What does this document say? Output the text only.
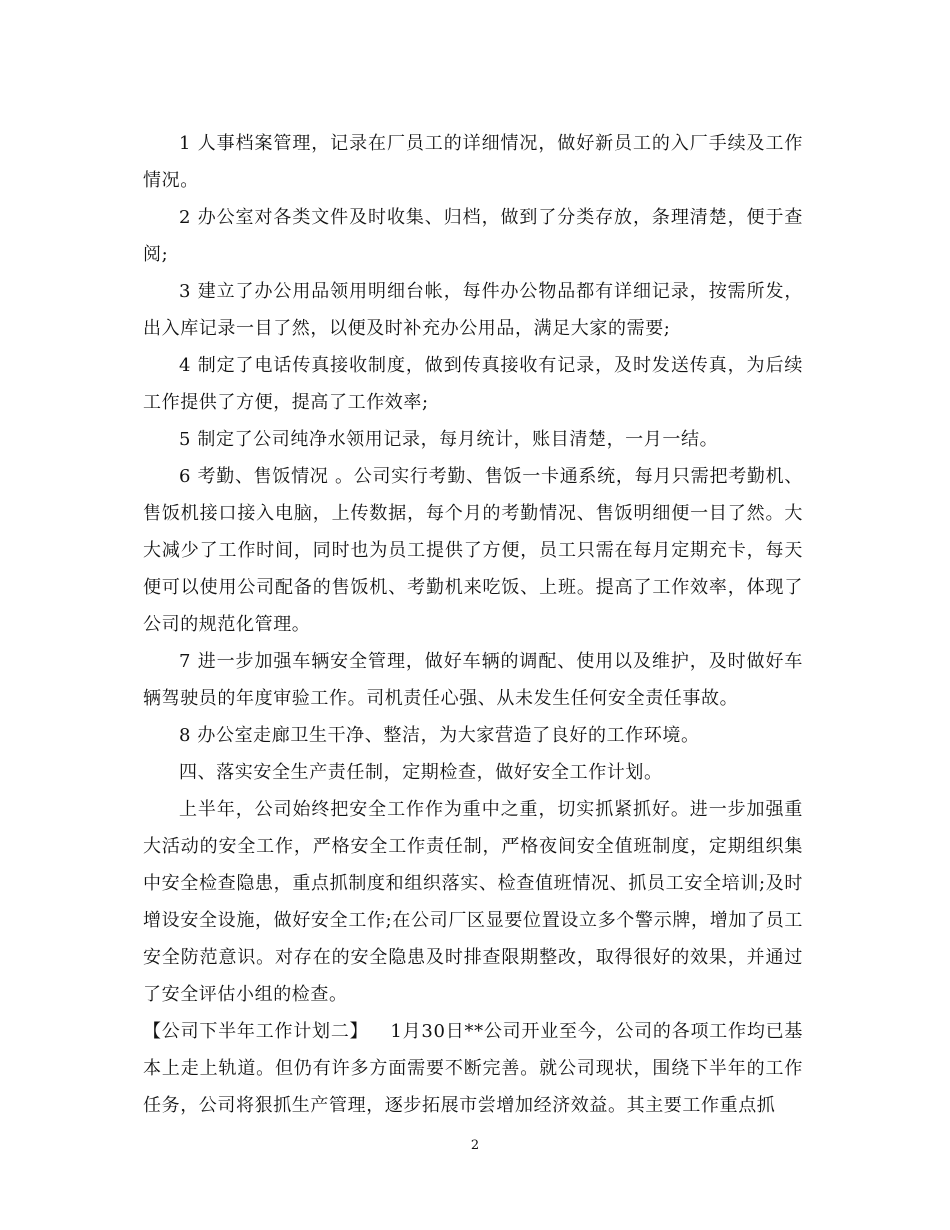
1 人事档案管理，记录在厂员工的详细情况，做好新员工的入厂手续及工作情况。

2 办公室对各类文件及时收集、归档，做到了分类存放，条理清楚，便于查阅;

3 建立了办公用品领用明细台帐，每件办公物品都有详细记录，按需所发，出入库记录一目了然，以便及时补充办公用品，满足大家的需要;

4 制定了电话传真接收制度，做到传真接收有记录，及时发送传真，为后续工作提供了方便，提高了工作效率;

5 制定了公司纯净水领用记录，每月统计，账目清楚，一月一结。

6 考勤、售饭情况 。公司实行考勤、售饭一卡通系统，每月只需把考勤机、售饭机接口接入电脑，上传数据，每个月的考勤情况、售饭明细便一目了然。大大减少了工作时间，同时也为员工提供了方便，员工只需在每月定期充卡，每天便可以使用公司配备的售饭机、考勤机来吃饭、上班。提高了工作效率，体现了公司的规范化管理。

7 进一步加强车辆安全管理，做好车辆的调配、使用以及维护，及时做好车辆驾驶员的年度审验工作。司机责任心强、从未发生任何安全责任事故。

8 办公室走廊卫生干净、整洁，为大家营造了良好的工作环境。

四、落实安全生产责任制，定期检查，做好安全工作计划。

上半年，公司始终把安全工作作为重中之重，切实抓紧抓好。进一步加强重大活动的安全工作，严格安全工作责任制，严格夜间安全值班制度，定期组织集中安全检查隐患，重点抓制度和组织落实、检查值班情况、抓员工安全培训;及时增设安全设施，做好安全工作;在公司厂区显要位置设立多个警示牌，增加了员工安全防范意识。对存在的安全隐患及时排查限期整改，取得很好的效果，并通过了安全评估小组的检查。

【公司下半年工作计划二】 1月30日**公司开业至今，公司的各项工作均已基本上走上轨道。但仍有许多方面需要不断完善。就公司现状，围绕下半年的工作任务，公司将狠抓生产管理，逐步拓展市尝增加经济效益。其主要工作重点抓

2
